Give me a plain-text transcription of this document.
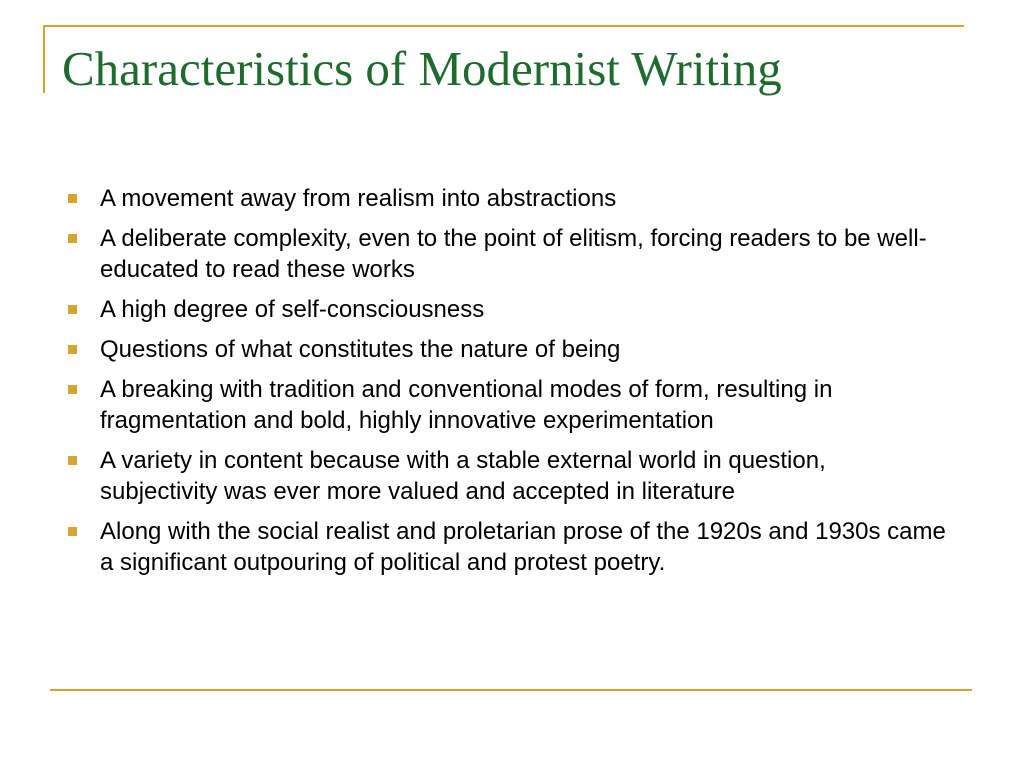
Characteristics of Modernist Writing
A movement away from realism into abstractions
A deliberate complexity, even to the point of elitism, forcing readers to be well-educated to read these works
A high degree of self-consciousness
Questions of what constitutes the nature of being
A breaking with tradition and conventional modes of form, resulting in fragmentation and bold, highly innovative experimentation
A variety in content because with a stable external world in question, subjectivity was ever more valued and accepted in literature
Along with the social realist and proletarian prose of the 1920s and 1930s came a significant outpouring of political and protest poetry.
